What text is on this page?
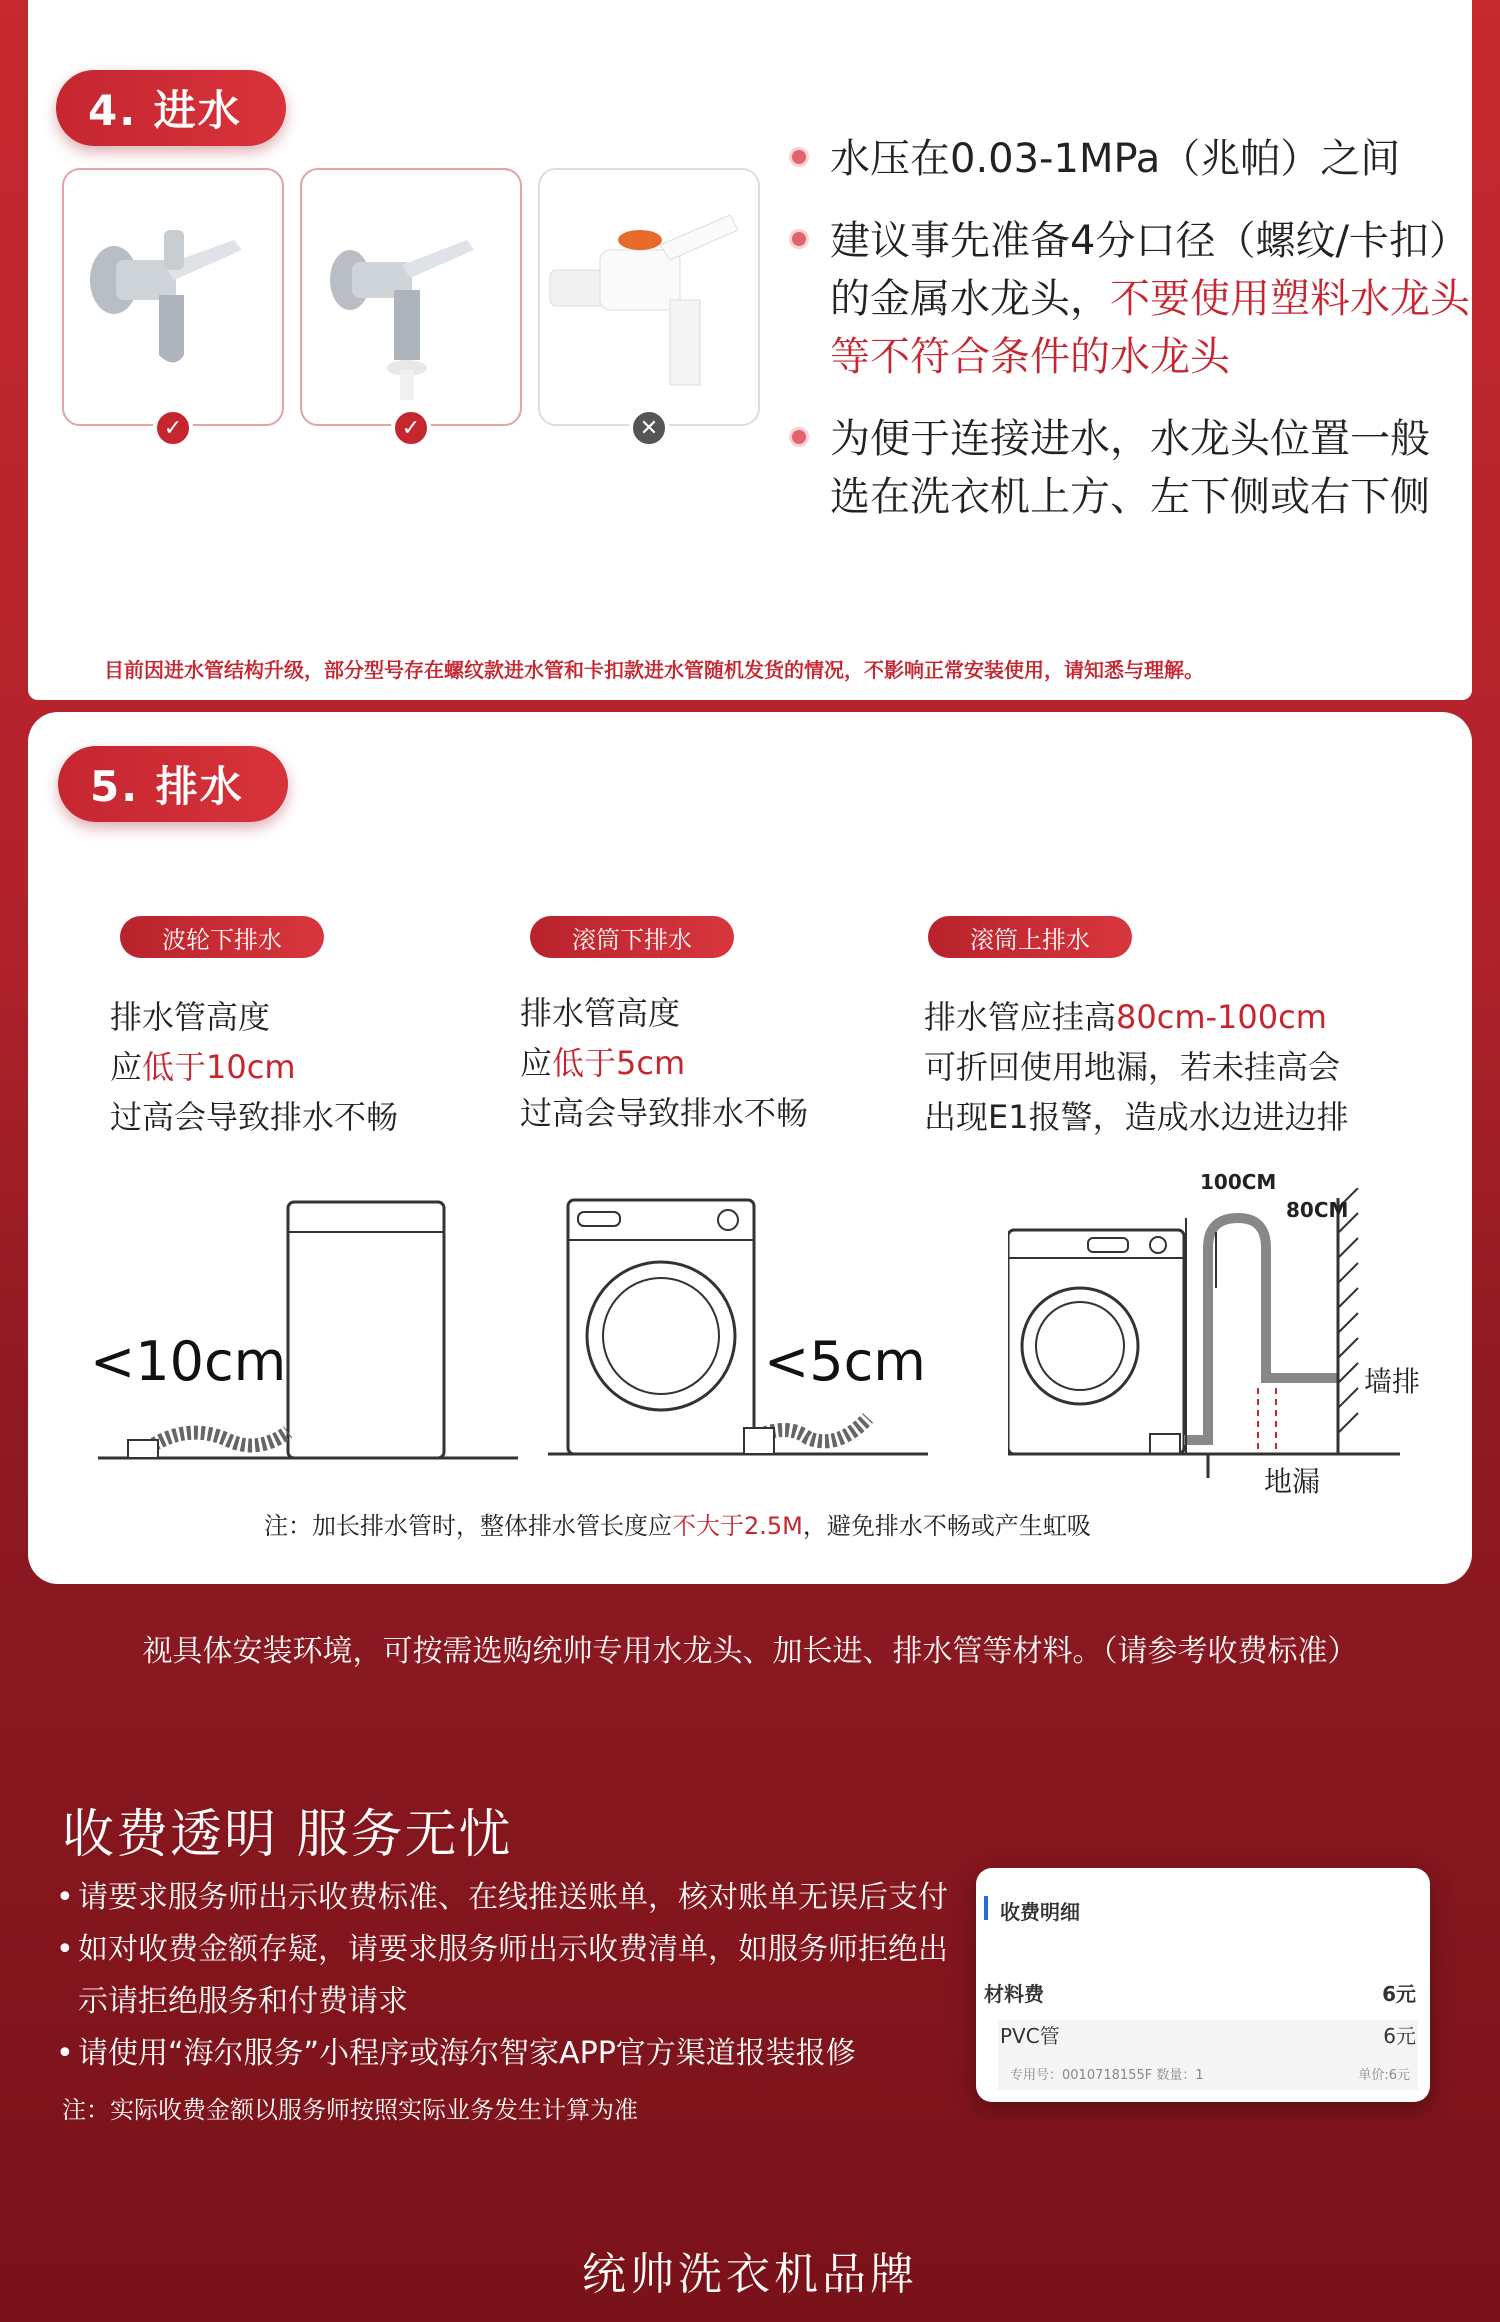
4. 进水
✓	✓	✕
水压在0.03-1MPa（兆帕）之间
建议事先准备4分口径（螺纹/卡扣）的金属水龙头，不要使用塑料水龙头等不符合条件的水龙头
为便于连接进水，水龙头位置一般选在洗衣机上方、左下侧或右下侧
目前因进水管结构升级，部分型号存在螺纹款进水管和卡扣款进水管随机发货的情况，不影响正常安装使用，请知悉与理解。
5. 排水
波轮下排水
排水管高度
应低于10cm
过高会导致排水不畅
<10cm
滚筒下排水
排水管高度
应低于5cm
过高会导致排水不畅
<5cm
滚筒上排水
排水管应挂高80cm-100cm
可折回使用地漏，若未挂高会
出现E1报警，造成水边进边排
100CM
80CM
墙排
地漏
注：加长排水管时，整体排水管长度应不大于2.5M，避免排水不畅或产生虹吸
视具体安装环境，可按需选购统帅专用水龙头、加长进、排水管等材料。（请参考收费标准）
收费透明 服务无忧
• 请要求服务师出示收费标准、在线推送账单，核对账单无误后支付
• 如对收费金额存疑，请要求服务师出示收费清单，如服务师拒绝出示请拒绝服务和付费请求
• 请使用“海尔服务”小程序或海尔智家APP官方渠道报装报修
注：实际收费金额以服务师按照实际业务发生计算为准
收费明细
材料费	6元
PVC管	6元
专用号：0010718155F 数量：1	单价:6元
统帅洗衣机品牌
